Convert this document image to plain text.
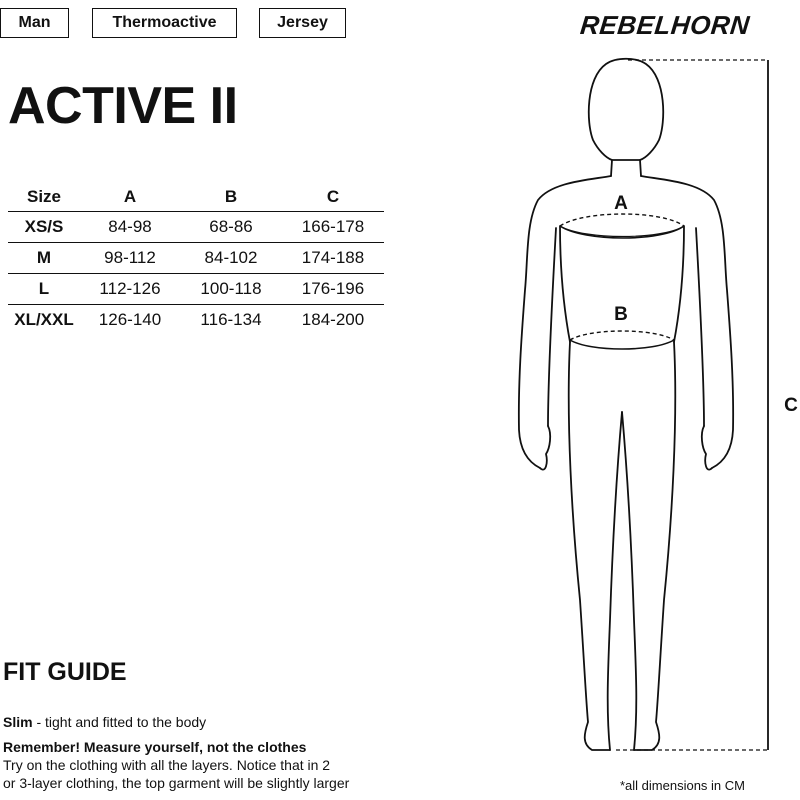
Man	Thermoactive	Jersey	REBELHORN
ACTIVE II
Size	A	B	C
XS/S	84-98	68-86	166-178
M	98-112	84-102	174-188
L	112-126	100-118	176-196
XL/XXL	126-140	116-134	184-200
A
B
C
FIT GUIDE
Slim - tight and fitted to the body
Remember! Measure yourself, not the clothes
Try on the clothing with all the layers. Notice that in 2
or 3-layer clothing, the top garment will be slightly larger	*all dimensions in CM
